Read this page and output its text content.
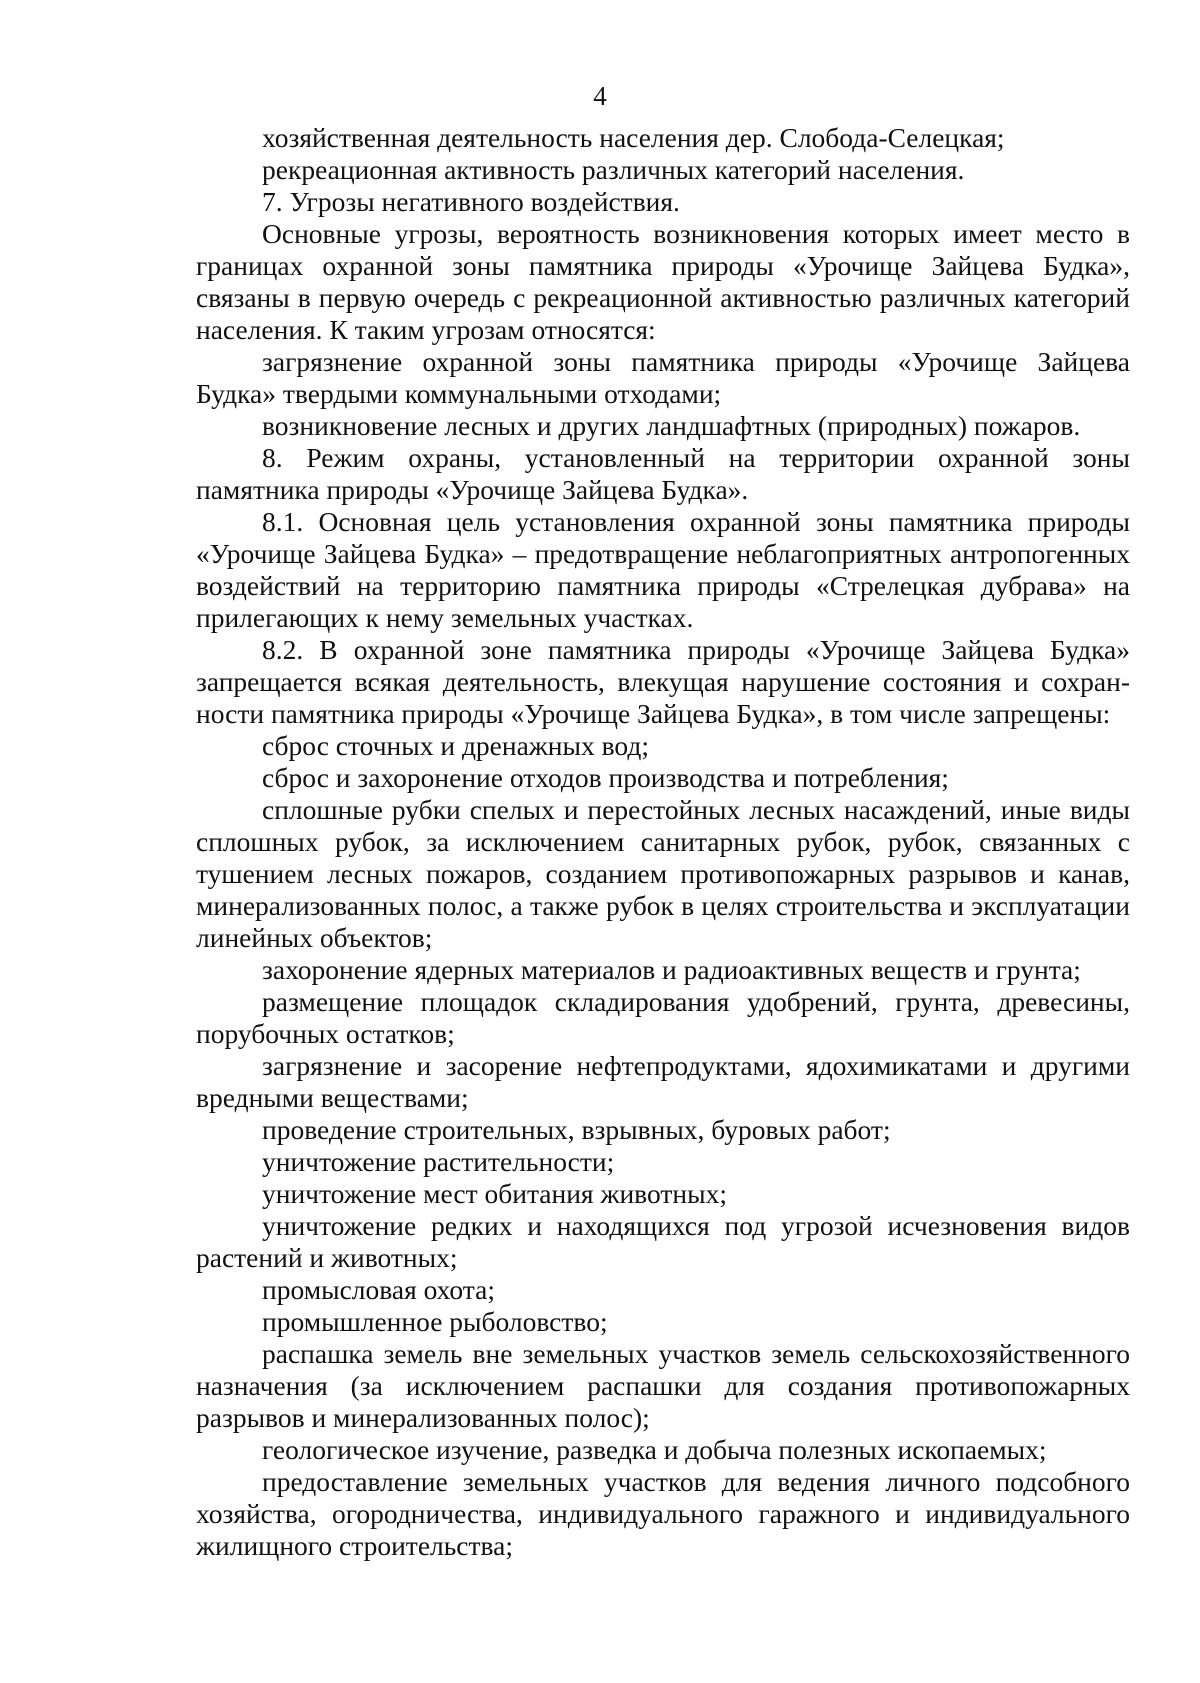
4

хозяйственная деятельность населения дер. Слобода-Селецкая;

рекреационная активность различных категорий населения.

7. Угрозы негативного воздействия.

Основные угрозы, вероятность возникновения которых имеет место в границах охранной зоны памятника природы «Урочище Зайцева Будка», связаны в первую очередь с рекреационной активностью различных категорий населения. К таким угрозам относятся:

загрязнение охранной зоны памятника природы «Урочище Зайцева Будка» твердыми коммунальными отходами;

возникновение лесных и других ландшафтных (природных) пожаров.

8. Режим охраны, установленный на территории охранной зоны памятника природы «Урочище Зайцева Будка».

8.1. Основная цель установления охранной зоны памятника природы «Урочище Зайцева Будка» – предотвращение неблагоприятных антропогенных воздействий на территорию памятника природы «Стрелецкая дубрава» на прилегающих к нему земельных участках.

8.2. В охранной зоне памятника природы «Урочище Зайцева Будка» запрещается всякая деятельность, влекущая нарушение состояния и сохранности памятника природы «Урочище Зайцева Будка», в том числе запрещены:

сброс сточных и дренажных вод;

сброс и захоронение отходов производства и потребления;

сплошные рубки спелых и перестойных лесных насаждений, иные виды сплошных рубок, за исключением санитарных рубок, рубок, связанных с тушением лесных пожаров, созданием противопожарных разрывов и канав, минерализованных полос, а также рубок в целях строительства и эксплуатации линейных объектов;

захоронение ядерных материалов и радиоактивных веществ и грунта;

размещение площадок складирования удобрений, грунта, древесины, порубочных остатков;

загрязнение и засорение нефтепродуктами, ядохимикатами и другими вредными веществами;

проведение строительных, взрывных, буровых работ;

уничтожение растительности;

уничтожение мест обитания животных;

уничтожение редких и находящихся под угрозой исчезновения видов растений и животных;

промысловая охота;

промышленное рыболовство;

распашка земель вне земельных участков земель сельскохозяйственного назначения (за исключением распашки для создания противопожарных разрывов и минерализованных полос);

геологическое изучение, разведка и добыча полезных ископаемых;

предоставление земельных участков для ведения личного подсобного хозяйства, огородничества, индивидуального гаражного и индивидуального жилищного строительства;
